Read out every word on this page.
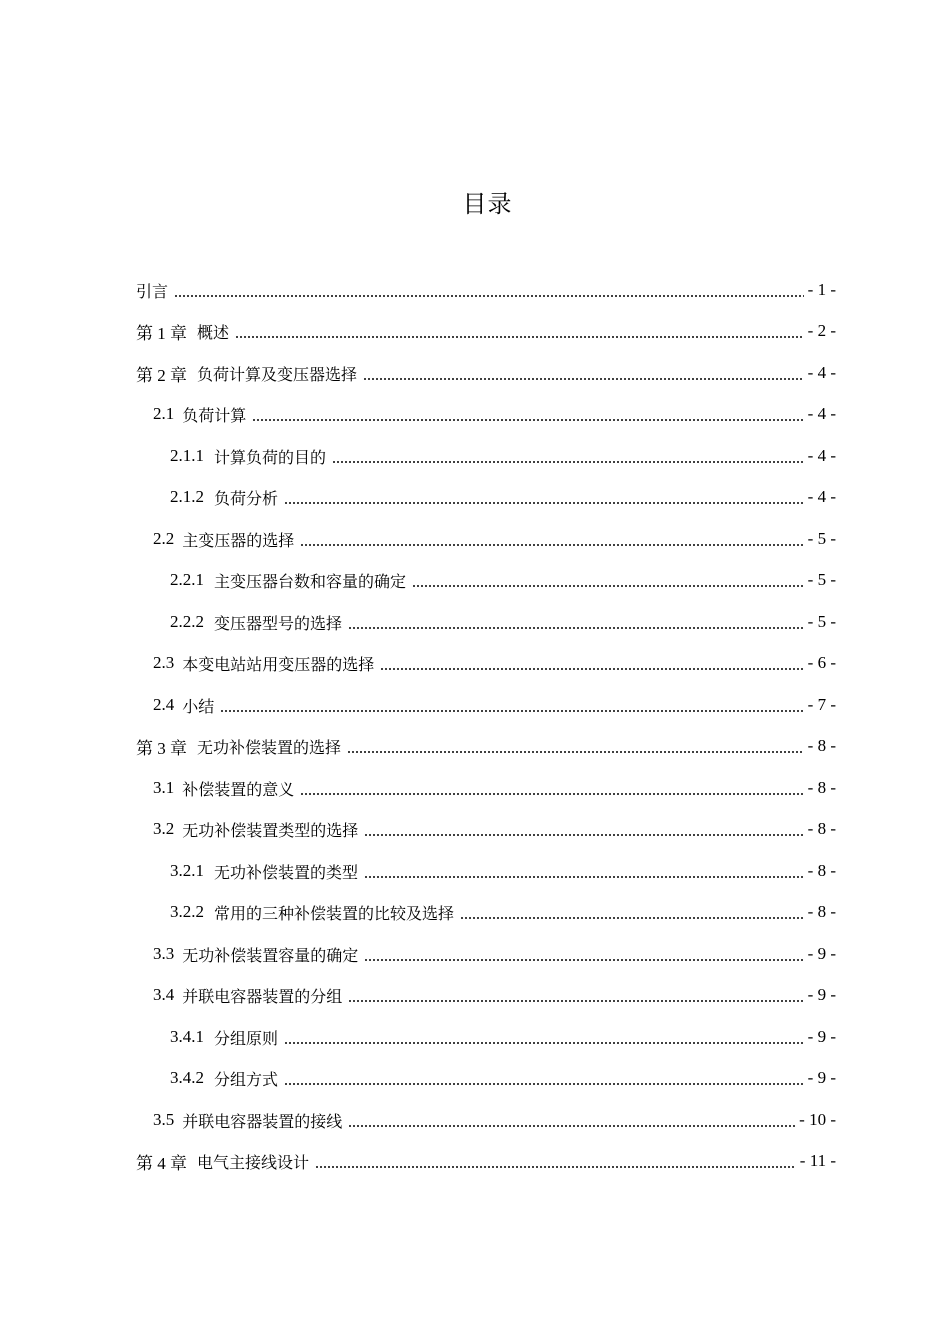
目录
引言	- 1 -
第 1 章 概述	- 2 -
第 2 章 负荷计算及变压器选择	- 4 -
2.1 负荷计算	- 4 -
2.1.1 计算负荷的目的	- 4 -
2.1.2 负荷分析	- 4 -
2.2 主变压器的选择	- 5 -
2.2.1 主变压器台数和容量的确定	- 5 -
2.2.2 变压器型号的选择	- 5 -
2.3 本变电站站用变压器的选择	- 6 -
2.4 小结	- 7 -
第 3 章 无功补偿装置的选择	- 8 -
3.1 补偿装置的意义	- 8 -
3.2 无功补偿装置类型的选择	- 8 -
3.2.1 无功补偿装置的类型	- 8 -
3.2.2 常用的三种补偿装置的比较及选择	- 8 -
3.3 无功补偿装置容量的确定	- 9 -
3.4 并联电容器装置的分组	- 9 -
3.4.1 分组原则	- 9 -
3.4.2 分组方式	- 9 -
3.5 并联电容器装置的接线	- 10 -
第 4 章 电气主接线设计	- 11 -
